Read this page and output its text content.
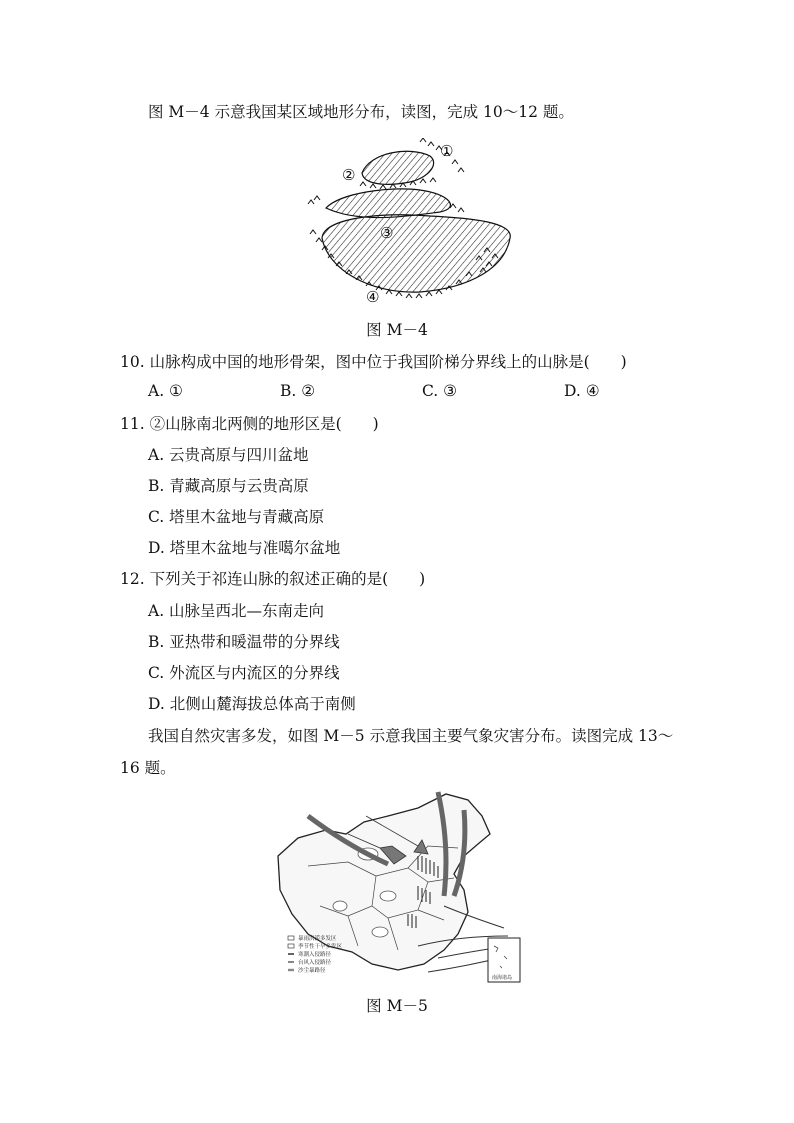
图 M－4 示意我国某区域地形分布，读图，完成 10～12 题。
①
②
③
④
图 M－4
10. 山脉构成中国的地形骨架，图中位于我国阶梯分界线上的山脉是(　　)
A. ①	B. ②	C. ③	D. ④
11. ②山脉南北两侧的地形区是(　　)
A. 云贵高原与四川盆地
B. 青藏高原与云贵高原
C. 塔里木盆地与青藏高原
D. 塔里木盆地与准噶尔盆地
12. 下列关于祁连山脉的叙述正确的是(　　)
A. 山脉呈西北—东南走向
B. 亚热带和暖温带的分界线
C. 外流区与内流区的分界线
D. 北侧山麓海拔总体高于南侧
我国自然灾害多发，如图 M－5 示意我国主要气象灾害分布。读图完成 13～
16 题。
暴雨洪涝多发区
季节性干旱多发区
寒潮入侵路径
台风入侵路径
沙尘暴路径
南海诸岛
图 M－5
